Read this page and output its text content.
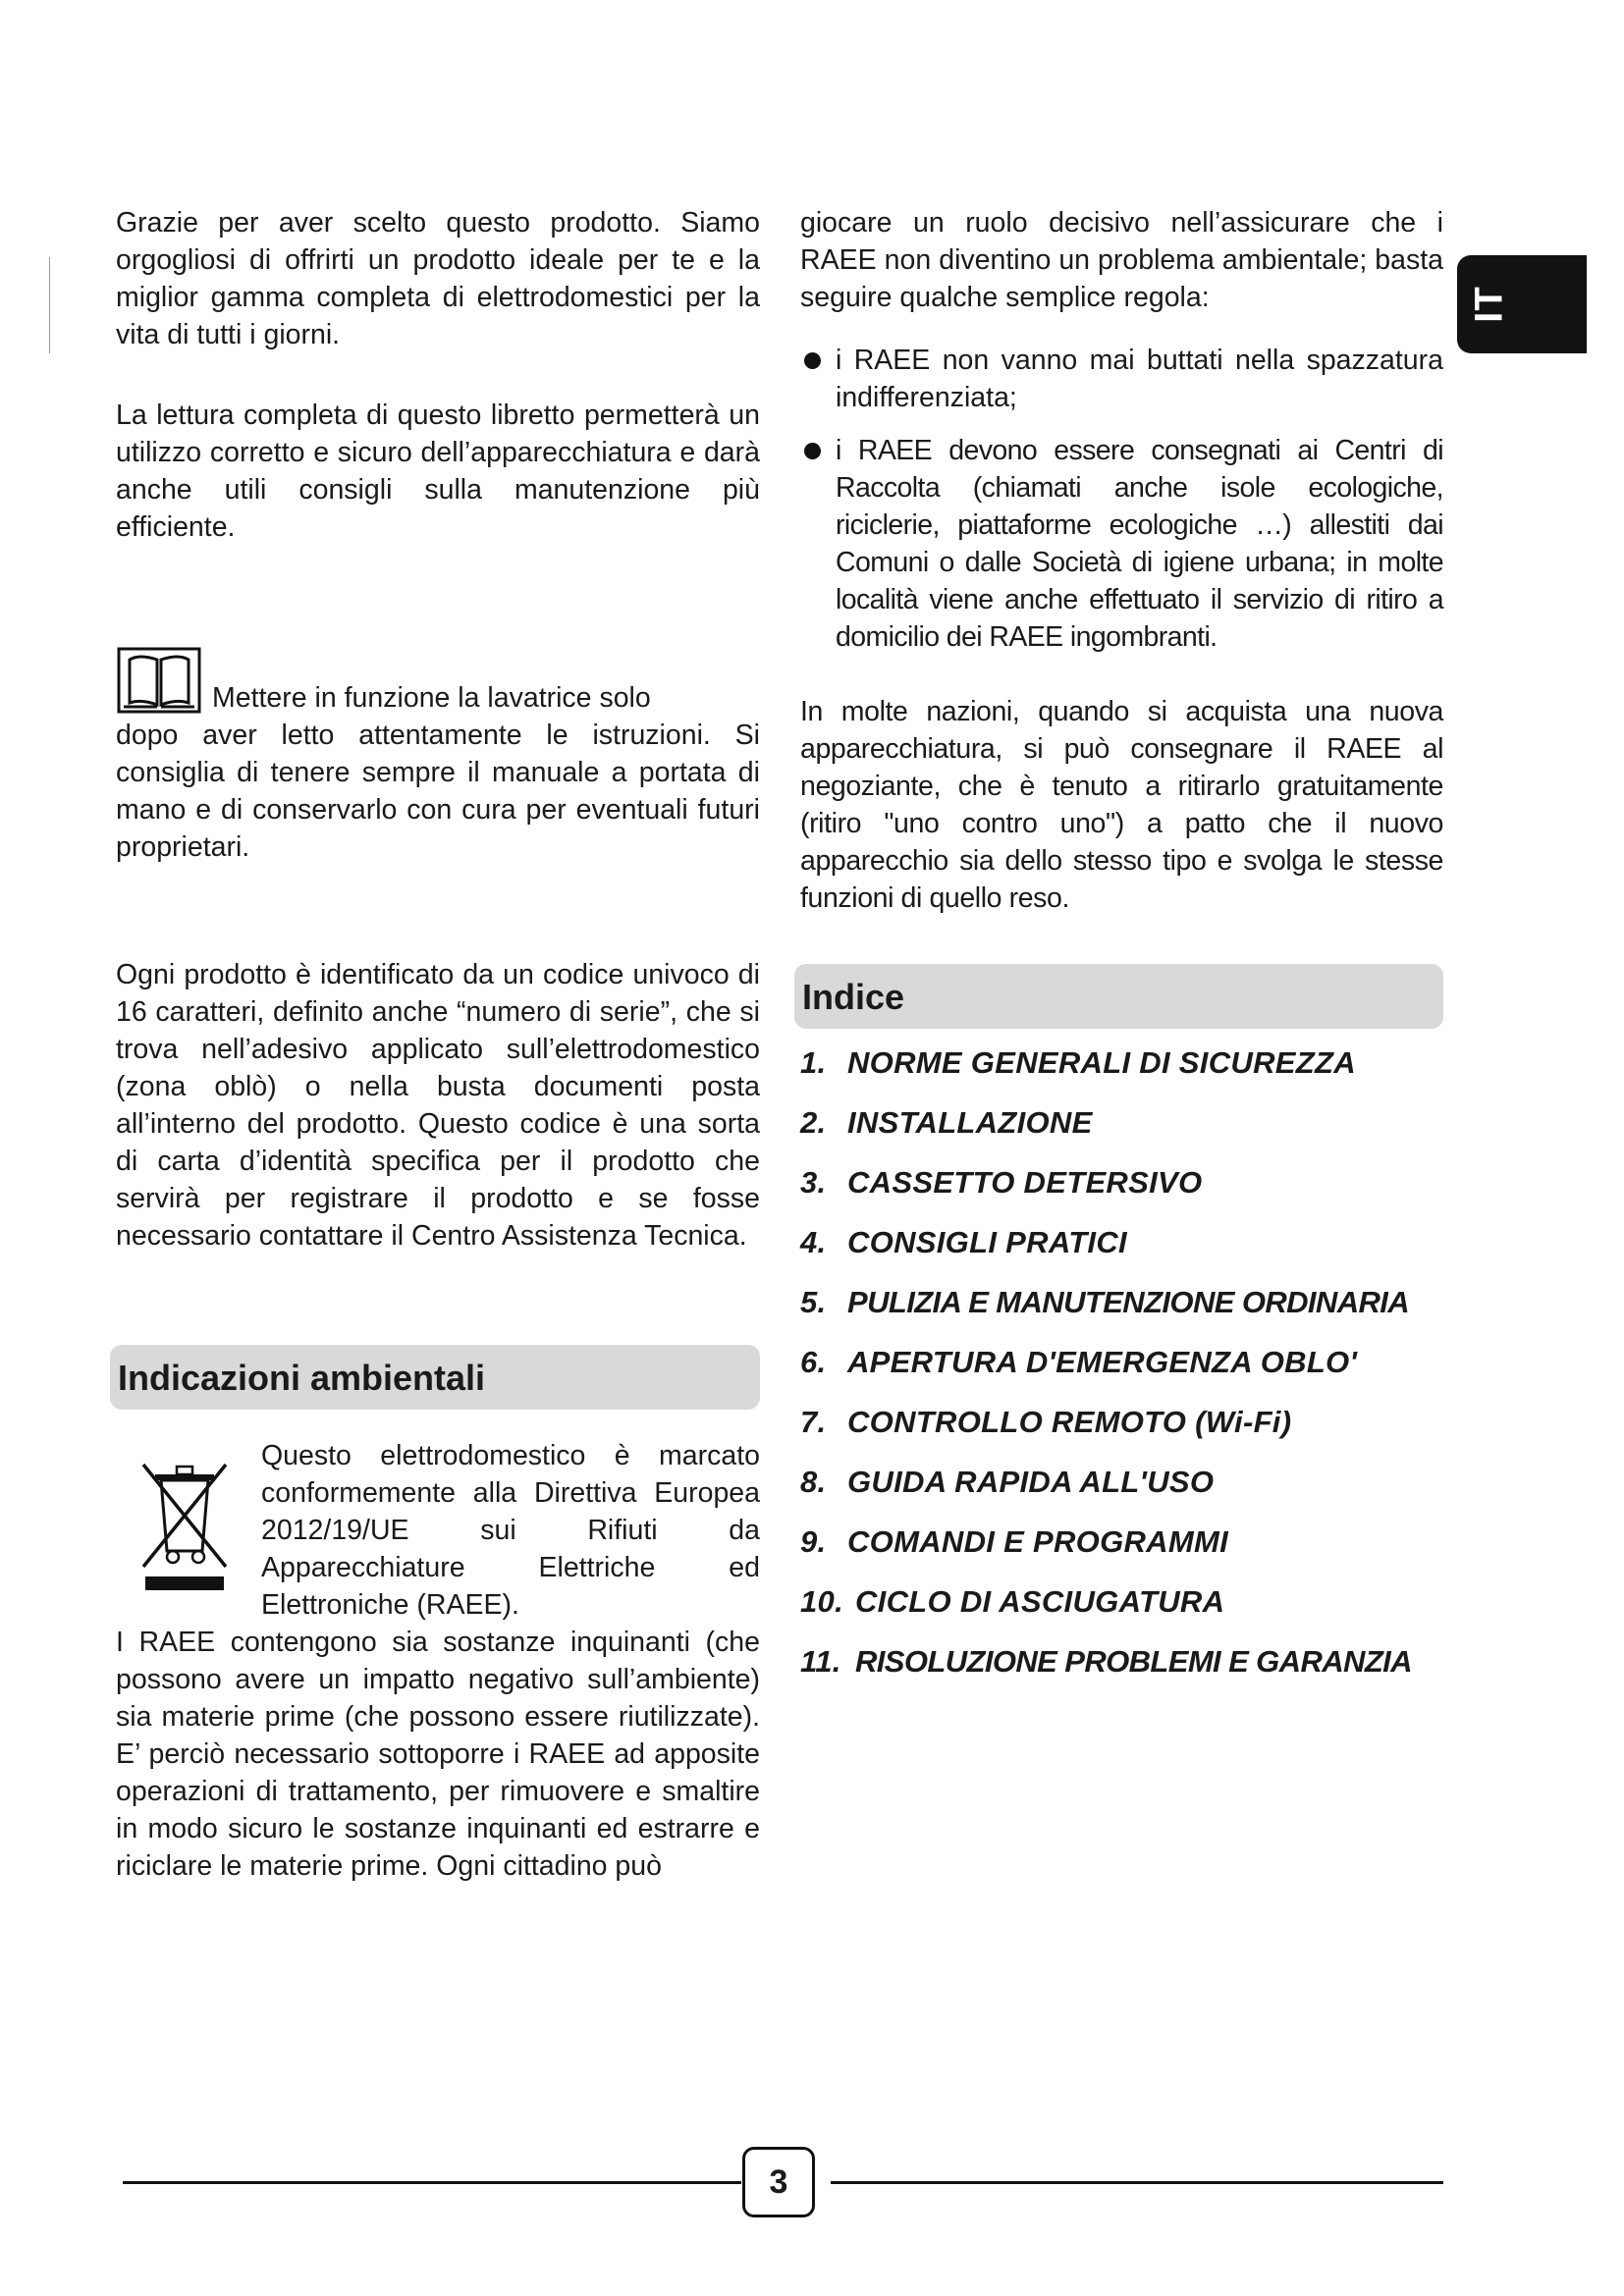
IT

Grazie per aver scelto questo prodotto. Siamo orgogliosi di offrirti un prodotto ideale per te e la miglior gamma completa di elettrodomestici per la vita di tutti i giorni.

La lettura completa di questo libretto permetterà un utilizzo corretto e sicuro dell’apparecchiatura e darà anche utili consigli sulla manutenzione più efficiente.

Mettere in funzione la lavatrice solo

dopo aver letto attentamente le istruzioni. Si consiglia di tenere sempre il manuale a portata di mano e di conservarlo con cura per eventuali futuri proprietari.

Ogni prodotto è identificato da un codice univoco di 16 caratteri, definito anche “numero di serie”, che si trova nell’adesivo applicato sull’elettrodomestico (zona oblò) o nella busta documenti posta all’interno del prodotto. Questo codice è una sorta di carta d’identità specifica per il prodotto che servirà per registrare il prodotto e se fosse necessario contattare il Centro Assistenza Tecnica.

Indicazioni ambientali

Questo elettrodomestico è marcato conformemente alla Direttiva Europea 2012/19/UE sui Rifiuti da Apparecchiature Elettriche ed Elettroniche (RAEE).

I RAEE contengono sia sostanze inquinanti (che possono avere un impatto negativo sull’ambiente) sia materie prime (che possono essere riutilizzate). E’ perciò necessario sottoporre i RAEE ad apposite operazioni di trattamento, per rimuovere e smaltire in modo sicuro le sostanze inquinanti ed estrarre e riciclare le materie prime. Ogni cittadino può

giocare un ruolo decisivo nell’assicurare che i RAEE non diventino un problema ambientale; basta seguire qualche semplice regola:

i RAEE non vanno mai buttati nella spazzatura indifferenziata;

i RAEE devono essere consegnati ai Centri di Raccolta (chiamati anche isole ecologiche, riciclerie, piattaforme ecologiche …) allestiti dai Comuni o dalle Società di igiene urbana; in molte località viene anche effettuato il servizio di ritiro a domicilio dei RAEE ingombranti.

In molte nazioni, quando si acquista una nuova apparecchiatura, si può consegnare il RAEE al negoziante, che è tenuto a ritirarlo gratuitamente (ritiro "uno contro uno") a patto che il nuovo apparecchio sia dello stesso tipo e svolga le stesse funzioni di quello reso.

Indice
1. NORME GENERALI DI SICUREZZA
2. INSTALLAZIONE
3. CASSETTO DETERSIVO
4. CONSIGLI PRATICI
5. PULIZIA E MANUTENZIONE ORDINARIA
6. APERTURA D'EMERGENZA OBLO'
7. CONTROLLO REMOTO (Wi-Fi)
8. GUIDA RAPIDA ALL'USO
9. COMANDI E PROGRAMMI
10. CICLO DI ASCIUGATURA
11. RISOLUZIONE PROBLEMI E GARANZIA
3
